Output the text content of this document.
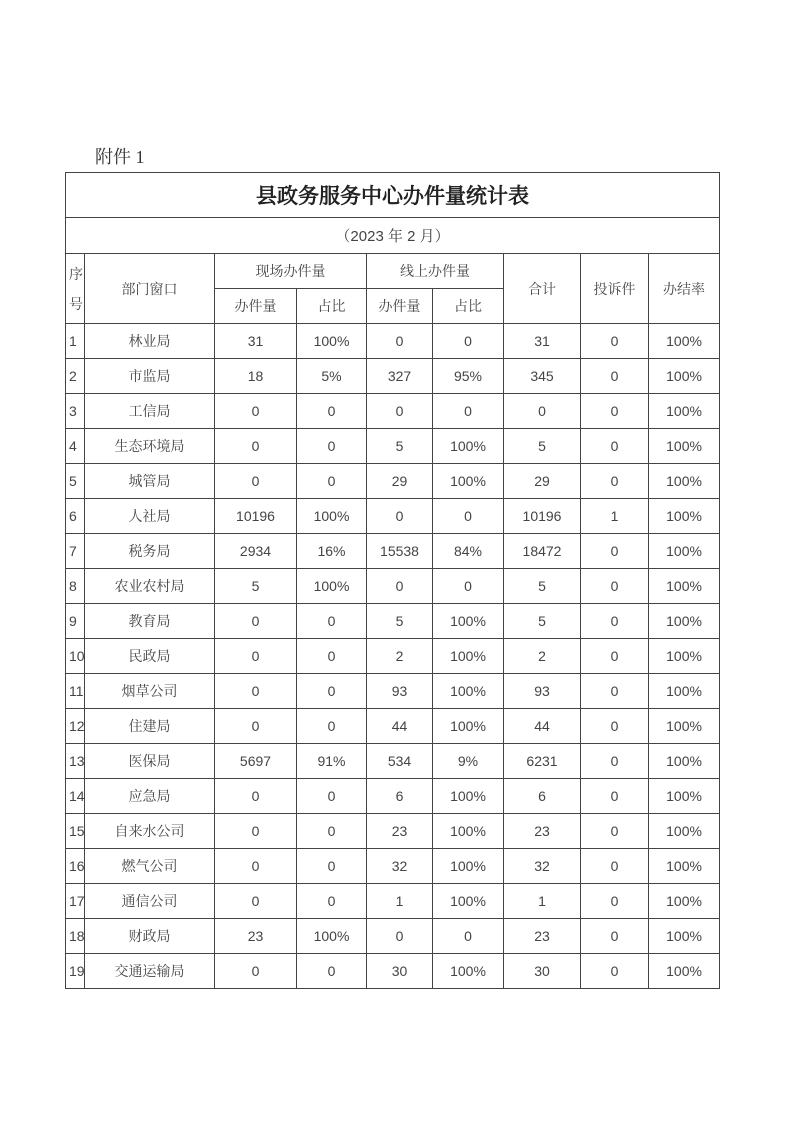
附件 1
县政务服务中心办件量统计表								
（2023 年 2 月）								

序
号	部门窗口	现场办件量		线上办件量		合计	投诉件	办结率
		办件量	占比	办件量	占比			
1	林业局	31	100%	0	0	31	0	100%
2	市监局	18	5%	327	95%	345	0	100%
3	工信局	0	0	0	0	0	0	100%
4	生态环境局	0	0	5	100%	5	0	100%
5	城管局	0	0	29	100%	29	0	100%
6	人社局	10196	100%	0	0	10196	1	100%
7	税务局	2934	16%	15538	84%	18472	0	100%
8	农业农村局	5	100%	0	0	5	0	100%
9	教育局	0	0	5	100%	5	0	100%
10	民政局	0	0	2	100%	2	0	100%
11	烟草公司	0	0	93	100%	93	0	100%
12	住建局	0	0	44	100%	44	0	100%
13	医保局	5697	91%	534	9%	6231	0	100%
14	应急局	0	0	6	100%	6	0	100%
15	自来水公司	0	0	23	100%	23	0	100%
16	燃气公司	0	0	32	100%	32	0	100%
17	通信公司	0	0	1	100%	1	0	100%
18	财政局	23	100%	0	0	23	0	100%
19	交通运输局	0	0	30	100%	30	0	100%
